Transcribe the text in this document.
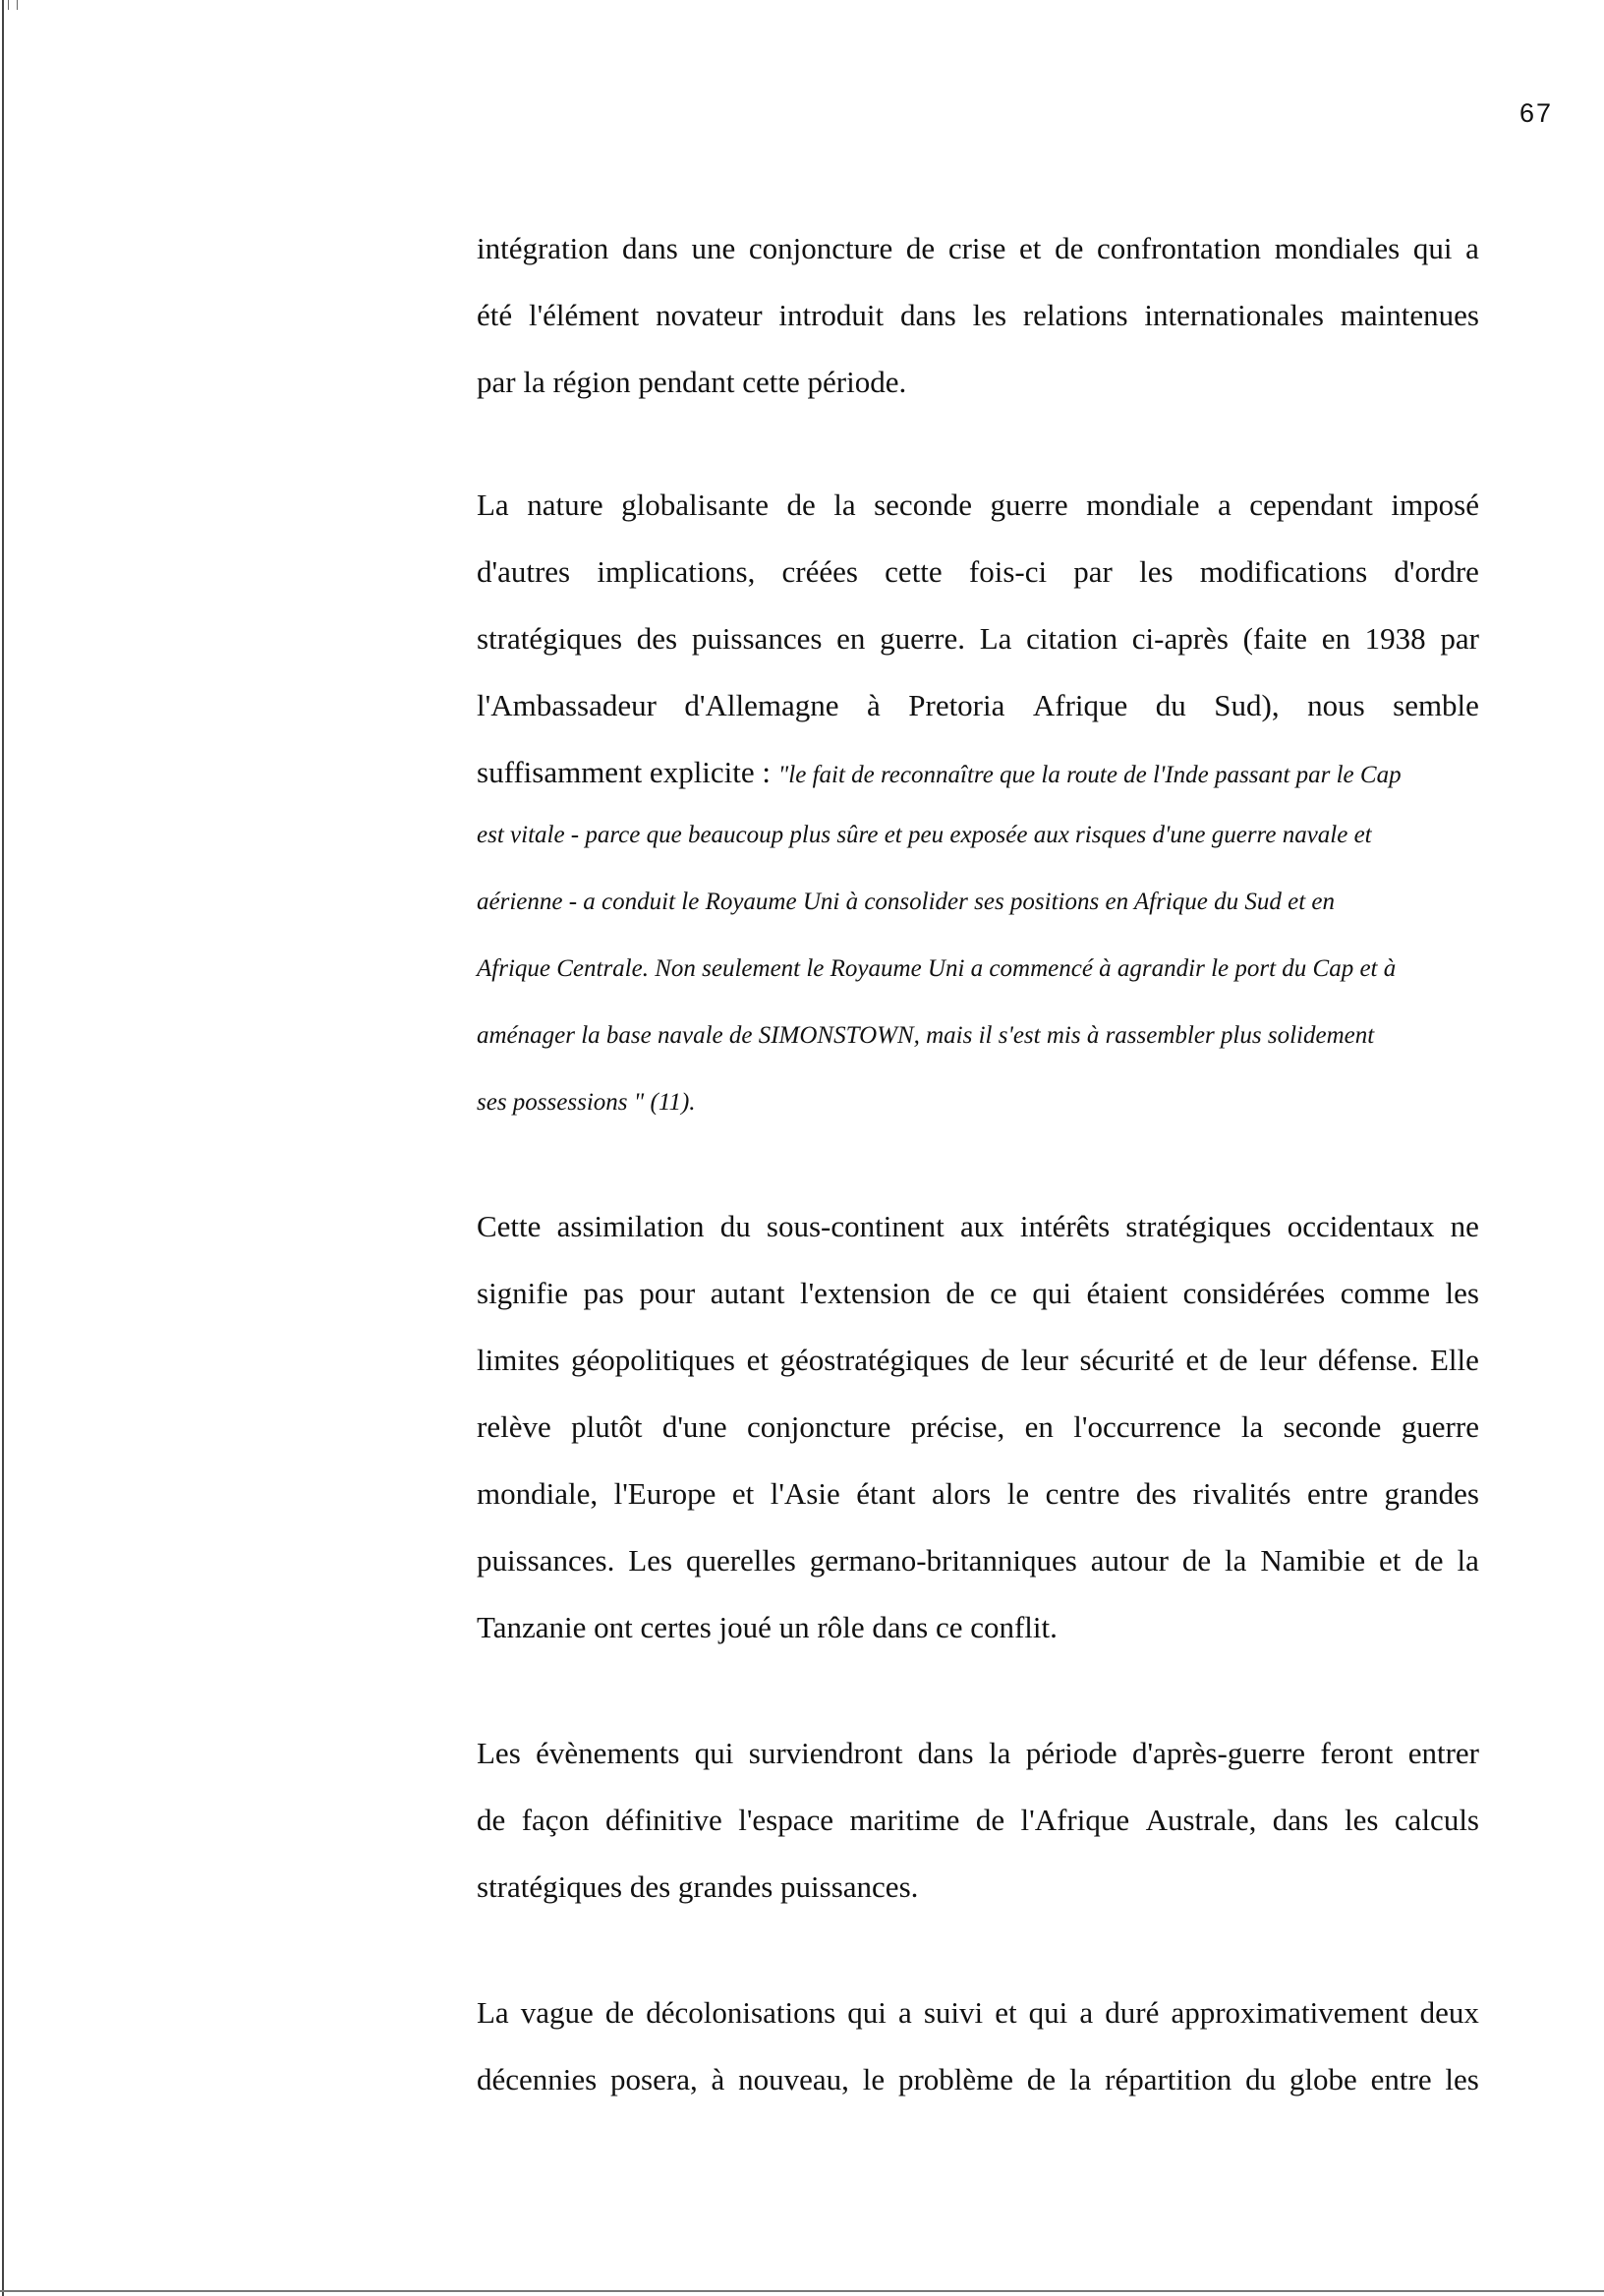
67
intégration dans une conjoncture de crise et de confrontation mondiales qui a
été l'élément novateur introduit dans les relations internationales maintenues
par la région pendant cette période.
La nature globalisante de la seconde guerre mondiale a cependant imposé
d'autres implications, créées cette fois-ci par les modifications d'ordre
stratégiques des puissances en guerre. La citation ci-après (faite en 1938 par
l'Ambassadeur d'Allemagne à Pretoria Afrique du Sud), nous semble
suffisamment explicite : "le fait de reconnaître que la route de l'Inde passant par le Cap
est vitale - parce que beaucoup plus sûre et peu exposée aux risques d'une guerre navale et
aérienne - a conduit le Royaume Uni à consolider ses positions en Afrique du Sud et en
Afrique Centrale. Non seulement le Royaume Uni a commencé à agrandir le port du Cap et à
aménager la base navale de SIMONSTOWN, mais il s'est mis à rassembler plus solidement
ses possessions " (11).
Cette assimilation du sous-continent aux intérêts stratégiques occidentaux ne
signifie pas pour autant l'extension de ce qui étaient considérées comme les
limites géopolitiques et géostratégiques de leur sécurité et de leur défense. Elle
relève plutôt d'une conjoncture précise, en l'occurrence la seconde guerre
mondiale, l'Europe et l'Asie étant alors le centre des rivalités entre grandes
puissances. Les querelles germano-britanniques autour de la Namibie et de la
Tanzanie ont certes joué un rôle dans ce conflit.
Les évènements qui surviendront dans la période d'après-guerre feront entrer
de façon définitive l'espace maritime de l'Afrique Australe, dans les calculs
stratégiques des grandes puissances.
La vague de décolonisations qui a suivi et qui a duré approximativement deux
décennies posera, à nouveau, le problème de la répartition du globe entre les
